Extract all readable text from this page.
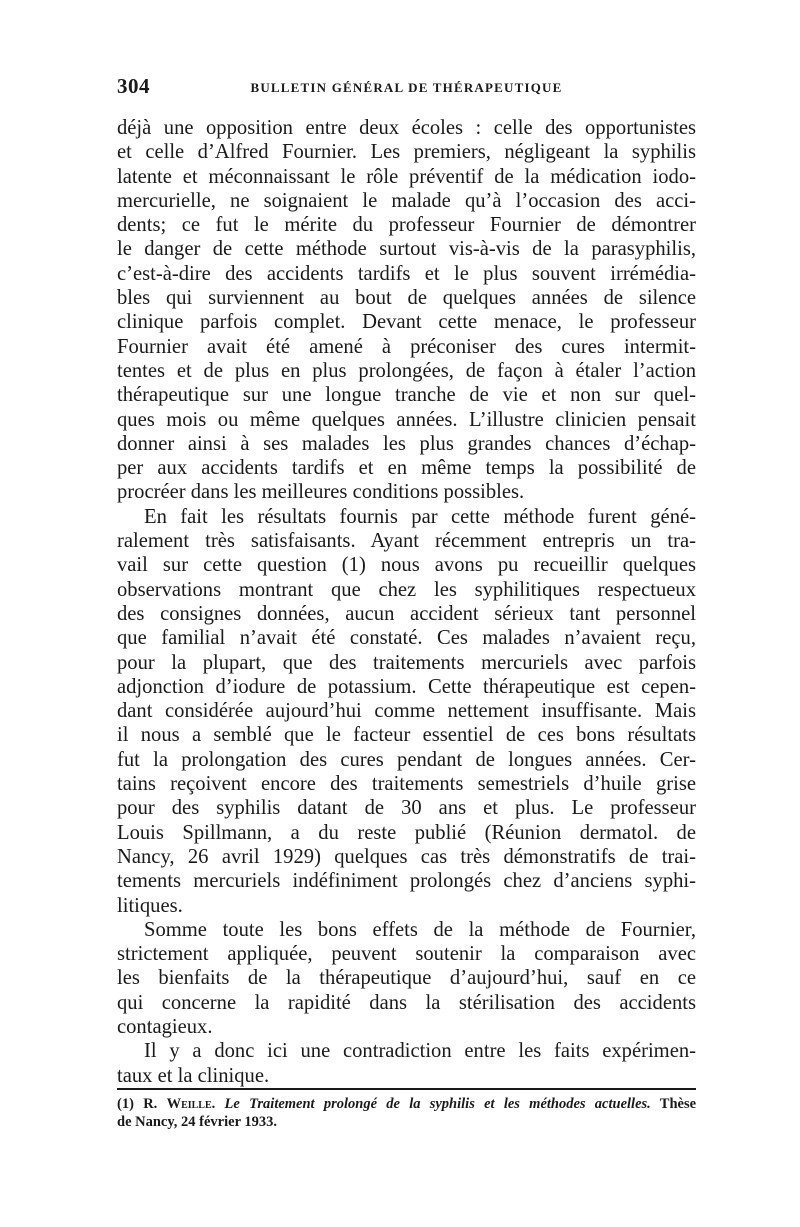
304	BULLETIN GÉNÉRAL DE THÉRAPEUTIQUE

déjà une opposition entre deux écoles : celle des opportunistes
et celle d’Alfred Fournier. Les premiers, négligeant la syphilis
latente et méconnaissant le rôle préventif de la médication iodo-
mercurielle, ne soignaient le malade qu’à l’occasion des acci-
dents; ce fut le mérite du professeur Fournier de démontrer
le danger de cette méthode surtout vis-à-vis de la parasyphilis,
c’est-à-dire des accidents tardifs et le plus souvent irrémédia-
bles qui surviennent au bout de quelques années de silence
clinique parfois complet. Devant cette menace, le professeur
Fournier avait été amené à préconiser des cures intermit-
tentes et de plus en plus prolongées, de façon à étaler l’action
thérapeutique sur une longue tranche de vie et non sur quel-
ques mois ou même quelques années. L’illustre clinicien pensait
donner ainsi à ses malades les plus grandes chances d’échap-
per aux accidents tardifs et en même temps la possibilité de
procréer dans les meilleures conditions possibles.

En fait les résultats fournis par cette méthode furent géné-
ralement très satisfaisants. Ayant récemment entrepris un tra-
vail sur cette question (1) nous avons pu recueillir quelques
observations montrant que chez les syphilitiques respectueux
des consignes données, aucun accident sérieux tant personnel
que familial n’avait été constaté. Ces malades n’avaient reçu,
pour la plupart, que des traitements mercuriels avec parfois
adjonction d’iodure de potassium. Cette thérapeutique est cepen-
dant considérée aujourd’hui comme nettement insuffisante. Mais
il nous a semblé que le facteur essentiel de ces bons résultats
fut la prolongation des cures pendant de longues années. Cer-
tains reçoivent encore des traitements semestriels d’huile grise
pour des syphilis datant de 30 ans et plus. Le professeur
Louis Spillmann, a du reste publié (Réunion dermatol. de
Nancy, 26 avril 1929) quelques cas très démonstratifs de trai-
tements mercuriels indéfiniment prolongés chez d’anciens syphi-
litiques.

Somme toute les bons effets de la méthode de Fournier,
strictement appliquée, peuvent soutenir la comparaison avec
les bienfaits de la thérapeutique d’aujourd’hui, sauf en ce
qui concerne la rapidité dans la stérilisation des accidents
contagieux.

Il y a donc ici une contradiction entre les faits expérimen-
taux et la clinique.

(1) R. Weille. Le Traitement prolongé de la syphilis et les méthodes actuelles. Thèse
de Nancy, 24 février 1933.
